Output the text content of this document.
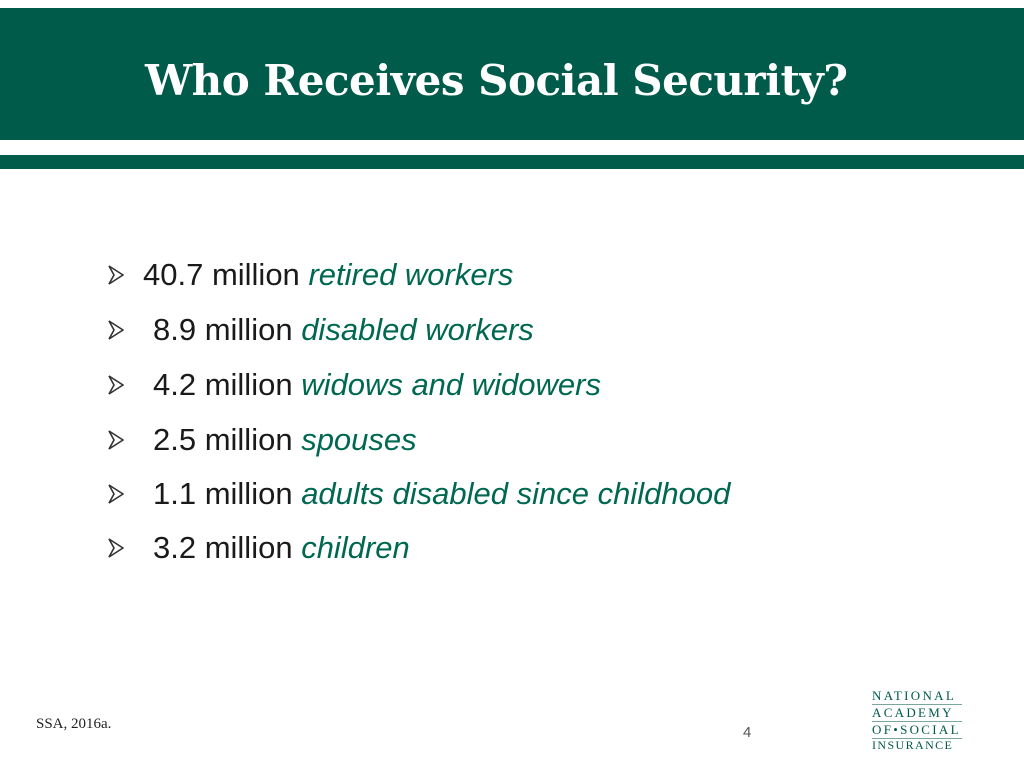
Who Receives Social Security?
40.7 million retired workers
8.9 million disabled workers
4.2 million widows and widowers
2.5 million spouses
1.1 million adults disabled since childhood
3.2 million children
SSA, 2016a.	4
NATIONAL
ACADEMY
OF•SOCIAL
INSURANCE
